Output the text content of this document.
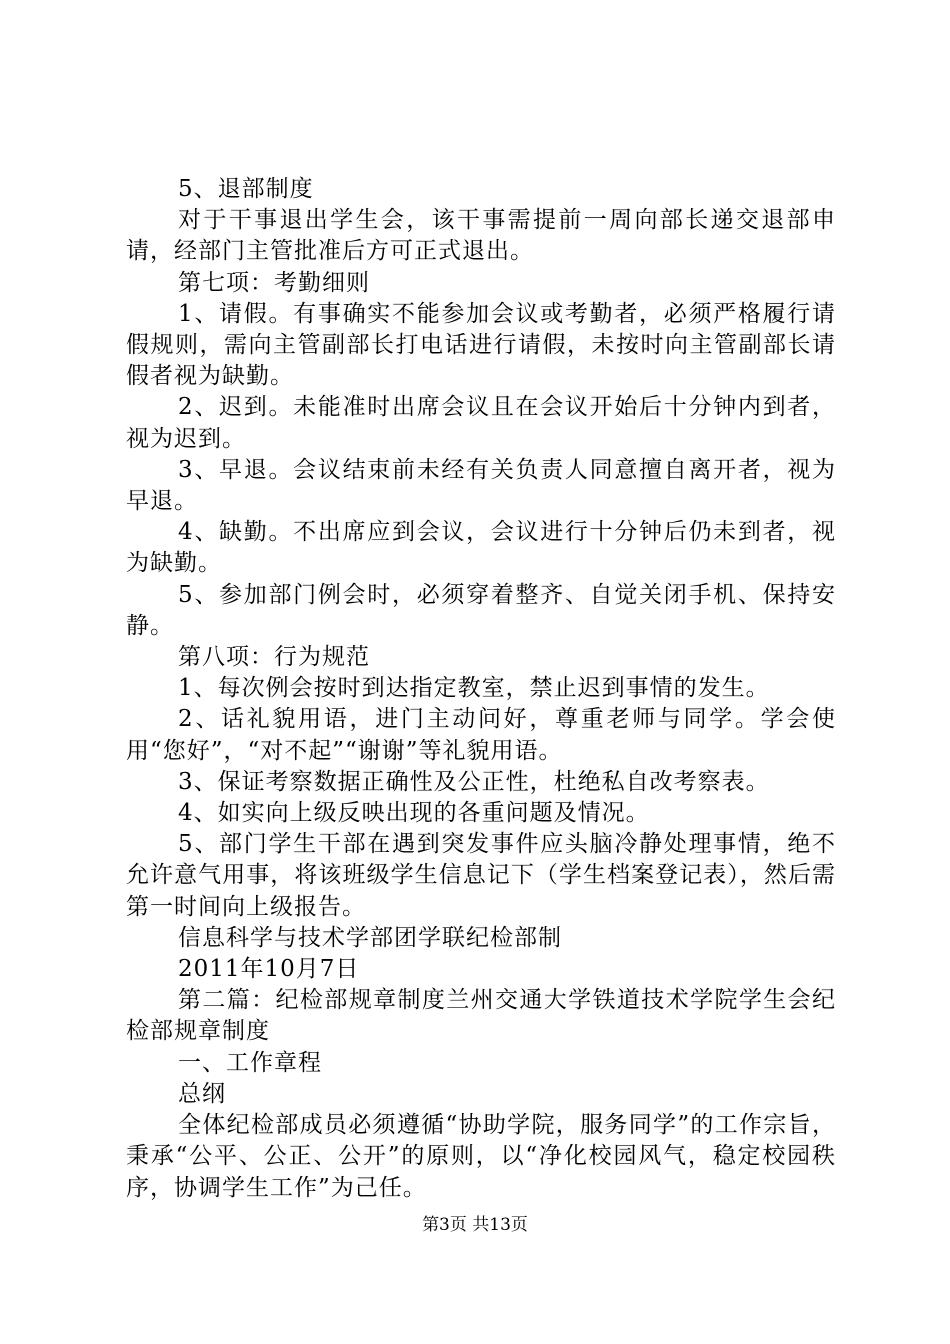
5、退部制度

对于干事退出学生会，该干事需提前一周向部长递交退部申请，经部门主管批准后方可正式退出。

第七项：考勤细则

1、请假。有事确实不能参加会议或考勤者，必须严格履行请假规则，需向主管副部长打电话进行请假，未按时向主管副部长请假者视为缺勤。

2、迟到。未能准时出席会议且在会议开始后十分钟内到者，视为迟到。

3、早退。会议结束前未经有关负责人同意擅自离开者，视为早退。

4、缺勤。不出席应到会议，会议进行十分钟后仍未到者，视为缺勤。

5、参加部门例会时，必须穿着整齐、自觉关闭手机、保持安静。

第八项：行为规范

1、每次例会按时到达指定教室，禁止迟到事情的发生。

2、话礼貌用语，进门主动问好，尊重老师与同学。学会使用“您好”，“对不起”“谢谢”等礼貌用语。

3、保证考察数据正确性及公正性，杜绝私自改考察表。

4、如实向上级反映出现的各重问题及情况。

5、部门学生干部在遇到突发事件应头脑冷静处理事情，绝不允许意气用事，将该班级学生信息记下（学生档案登记表），然后需第一时间向上级报告。

信息科学与技术学部团学联纪检部制

2011年10月7日

第二篇：纪检部规章制度兰州交通大学铁道技术学院学生会纪检部规章制度

一、工作章程

总纲

全体纪检部成员必须遵循“协助学院，服务同学”的工作宗旨，秉承“公平、公正、公开”的原则，以“净化校园风气，稳定校园秩序，协调学生工作”为己任。

第3页 共13页
